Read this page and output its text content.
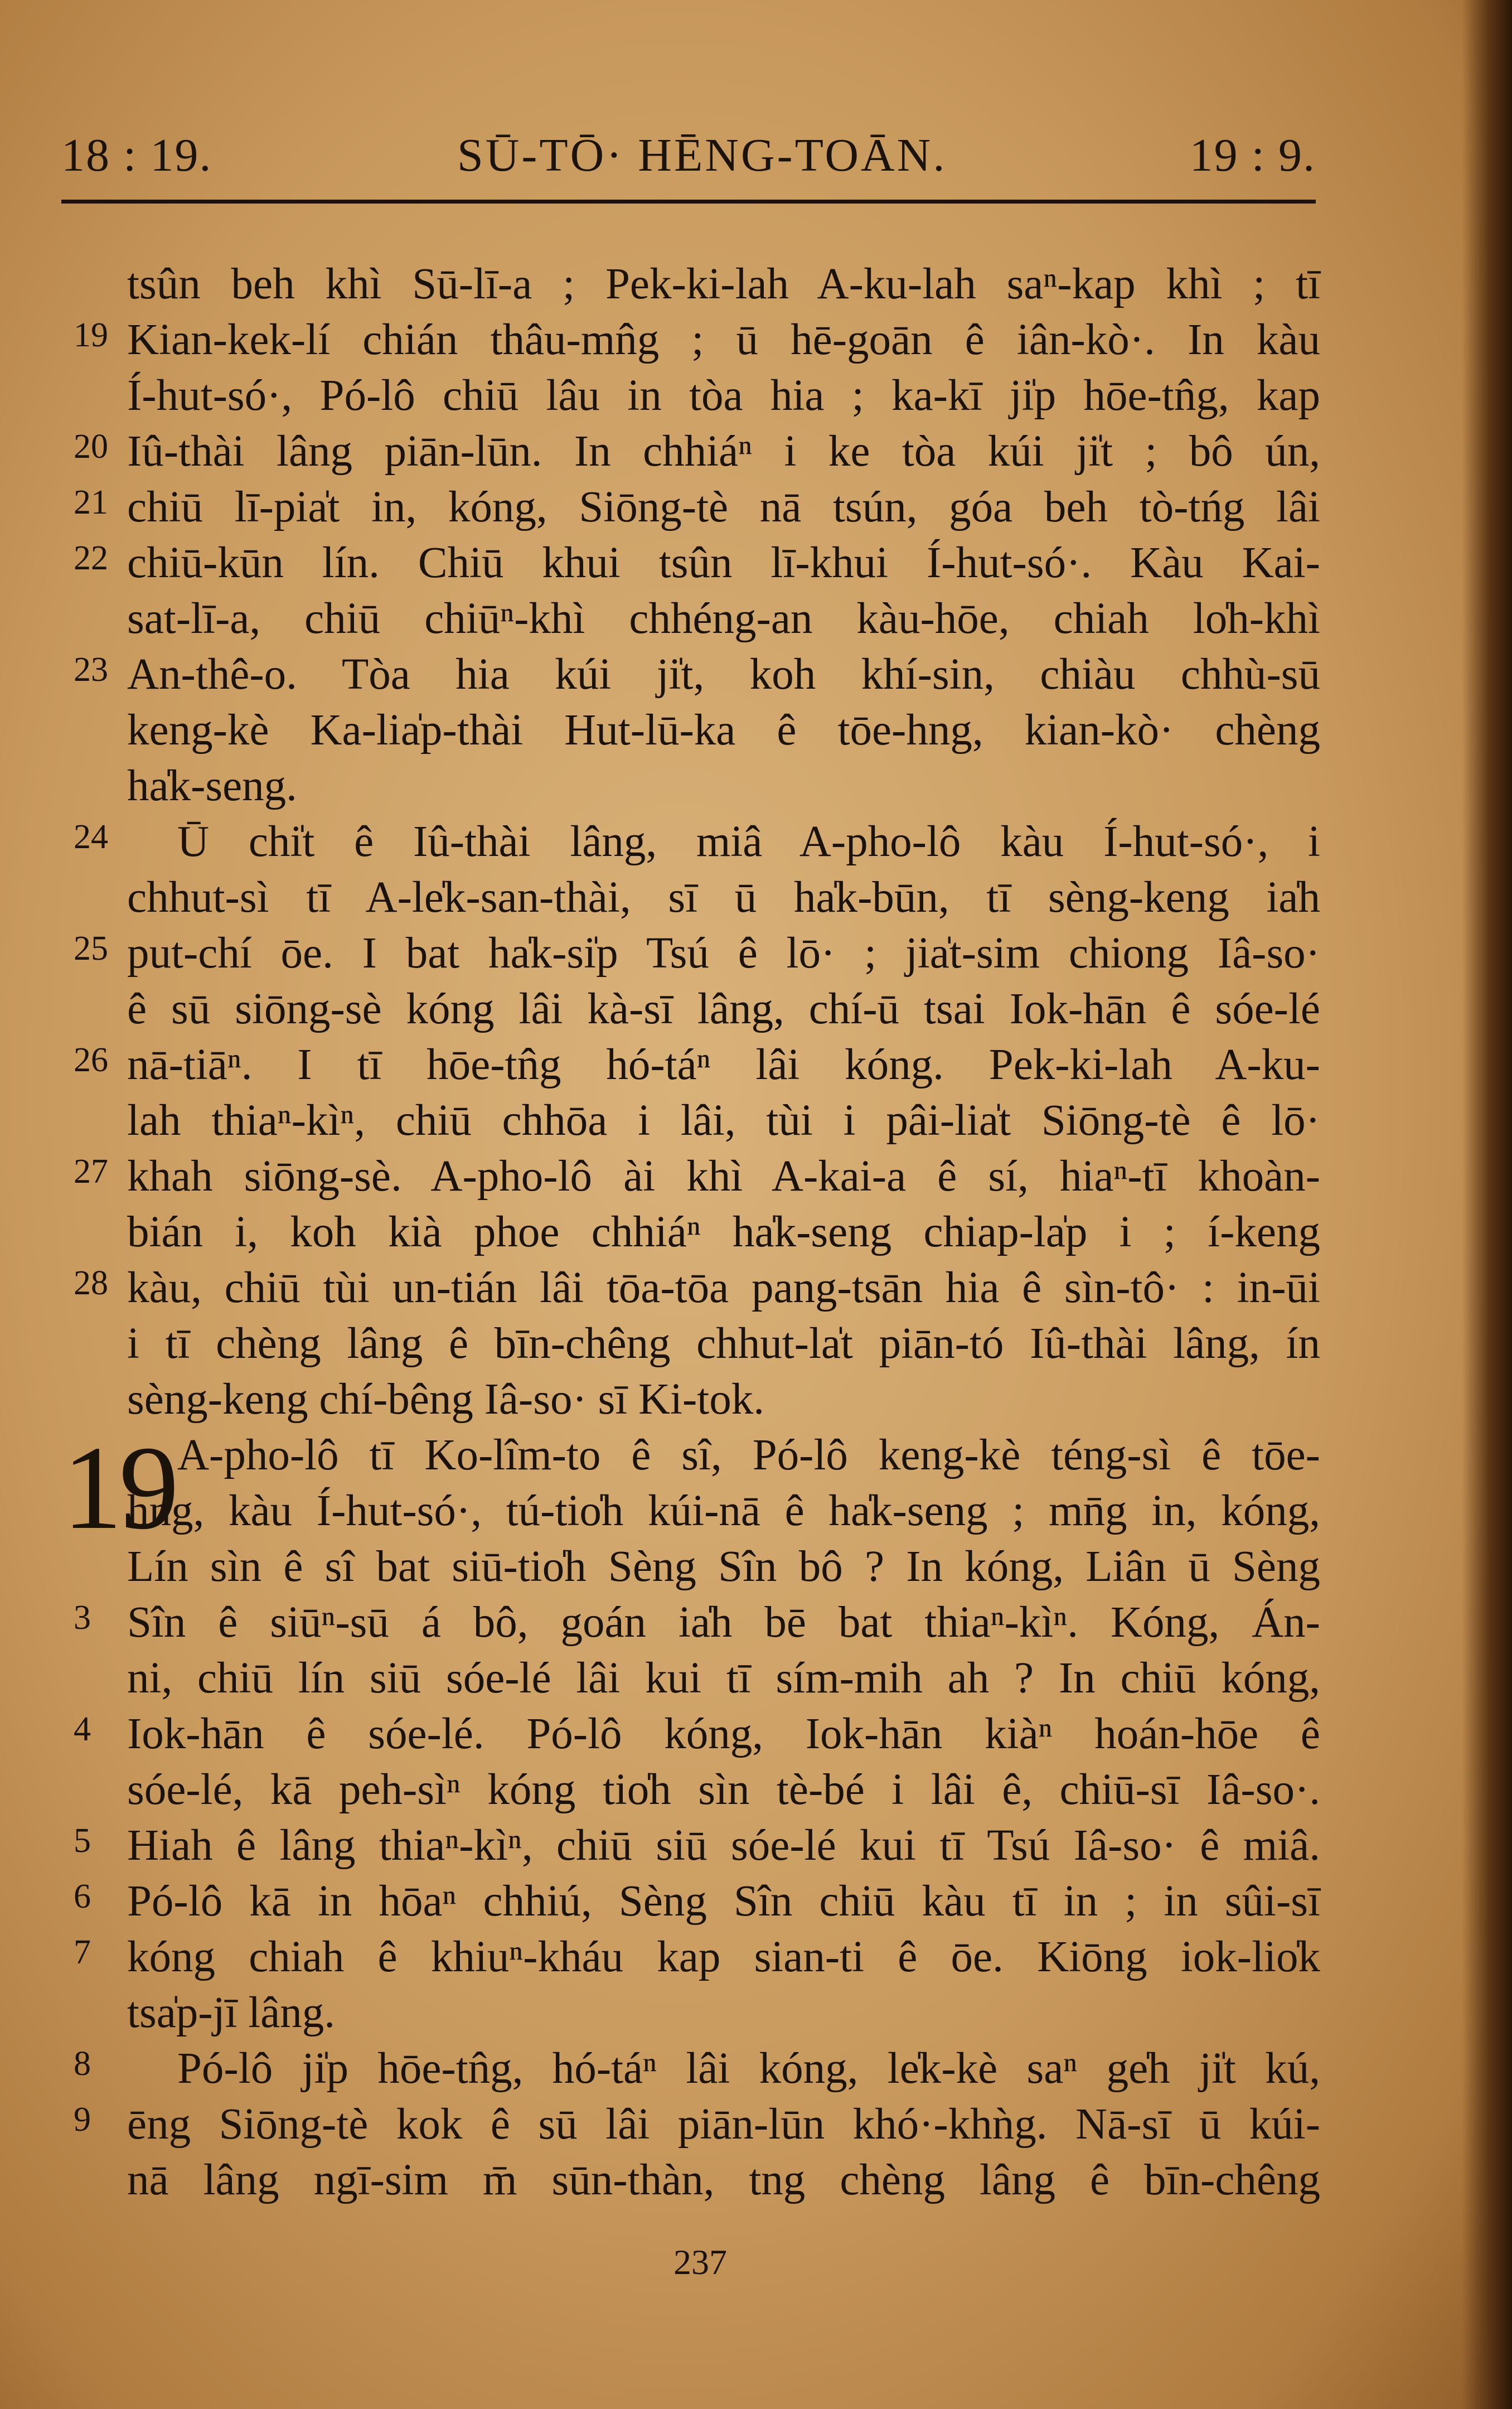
18 : 19.	SŪ-TŌ· HĒNG-TOĀN.	19 : 9.
19
tsûn beh khì Sū-lī-a ; Pek-ki-lah A-ku-lah saⁿ-kap khì ; tī
19 Kian-kek-lí chián thâu-mn̂g ; ū hē-goān ê iân-kò·. In kàu
Í-hut-só·, Pó-lô chiū lâu in tòa hia ; ka-kī ji̍p hōe-tn̂g, kap
20 Iû-thài lâng piān-lūn. In chhiáⁿ i ke tòa kúi ji̍t ; bô ún,
21 chiū lī-pia̍t in, kóng, Siōng-tè nā tsún, góa beh tò-tńg lâi
22 chiū-kūn lín. Chiū khui tsûn lī-khui Í-hut-só·. Kàu Kai-
sat-lī-a, chiū chiūⁿ-khì chhéng-an kàu-hōe, chiah lo̍h-khì
23 An-thê-o. Tòa hia kúi ji̍t, koh khí-sin, chiàu chhù-sū
keng-kè Ka-lia̍p-thài Hut-lū-ka ê tōe-hng, kian-kò· chèng
ha̍k-seng.
24	Ū chi̍t ê Iû-thài lâng, miâ A-pho-lô kàu Í-hut-só·, i
chhut-sì tī A-le̍k-san-thài, sī ū ha̍k-būn, tī sèng-keng ia̍h
25 put-chí ōe. I bat ha̍k-si̍p Tsú ê lō· ; jia̍t-sim chiong Iâ-so·
ê sū siōng-sè kóng lâi kà-sī lâng, chí-ū tsai Iok-hān ê sóe-lé
26 nā-tiāⁿ. I tī hōe-tn̂g hó-táⁿ lâi kóng. Pek-ki-lah A-ku-
lah thiaⁿ-kìⁿ, chiū chhōa i lâi, tùi i pâi-lia̍t Siōng-tè ê lō·
27 khah siōng-sè. A-pho-lô ài khì A-kai-a ê sí, hiaⁿ-tī khoàn-
bián i, koh kià phoe chhiáⁿ ha̍k-seng chiap-la̍p i ; í-keng
28 kàu, chiū tùi un-tián lâi tōa-tōa pang-tsān hia ê sìn-tô· : in-ūi
i tī chèng lâng ê bīn-chêng chhut-la̍t piān-tó Iû-thài lâng, ín
sèng-keng chí-bêng Iâ-so· sī Ki-tok.
A-pho-lô tī Ko-lîm-to ê sî, Pó-lô keng-kè téng-sì ê tōe-
hng, kàu Í-hut-só·, tú-tio̍h kúi-nā ê ha̍k-seng ; mn̄g in, kóng,
Lín sìn ê sî bat siū-tio̍h Sèng Sîn bô ? In kóng, Liân ū Sèng
3 Sîn ê siūⁿ-sū á bô, goán ia̍h bē bat thiaⁿ-kìⁿ. Kóng, Án-
ni, chiū lín siū sóe-lé lâi kui tī sím-mih ah ? In chiū kóng,
4 Iok-hān ê sóe-lé. Pó-lô kóng, Iok-hān kiàⁿ hoán-hōe ê
sóe-lé, kā peh-sìⁿ kóng tio̍h sìn tè-bé i lâi ê, chiū-sī Iâ-so·.
5 Hiah ê lâng thiaⁿ-kìⁿ, chiū siū sóe-lé kui tī Tsú Iâ-so· ê miâ.
6 Pó-lô kā in hōaⁿ chhiú, Sèng Sîn chiū kàu tī in ; in sûi-sī
7 kóng chiah ê khiuⁿ-kháu kap sian-ti ê ōe. Kiōng iok-lio̍k
tsa̍p-jī lâng.
8	Pó-lô ji̍p hōe-tn̂g, hó-táⁿ lâi kóng, le̍k-kè saⁿ ge̍h ji̍t kú,
9 ēng Siōng-tè kok ê sū lâi piān-lūn khó·-khǹg. Nā-sī ū kúi-
nā lâng ngī-sim m̄ sūn-thàn, tng chèng lâng ê bīn-chêng
237
